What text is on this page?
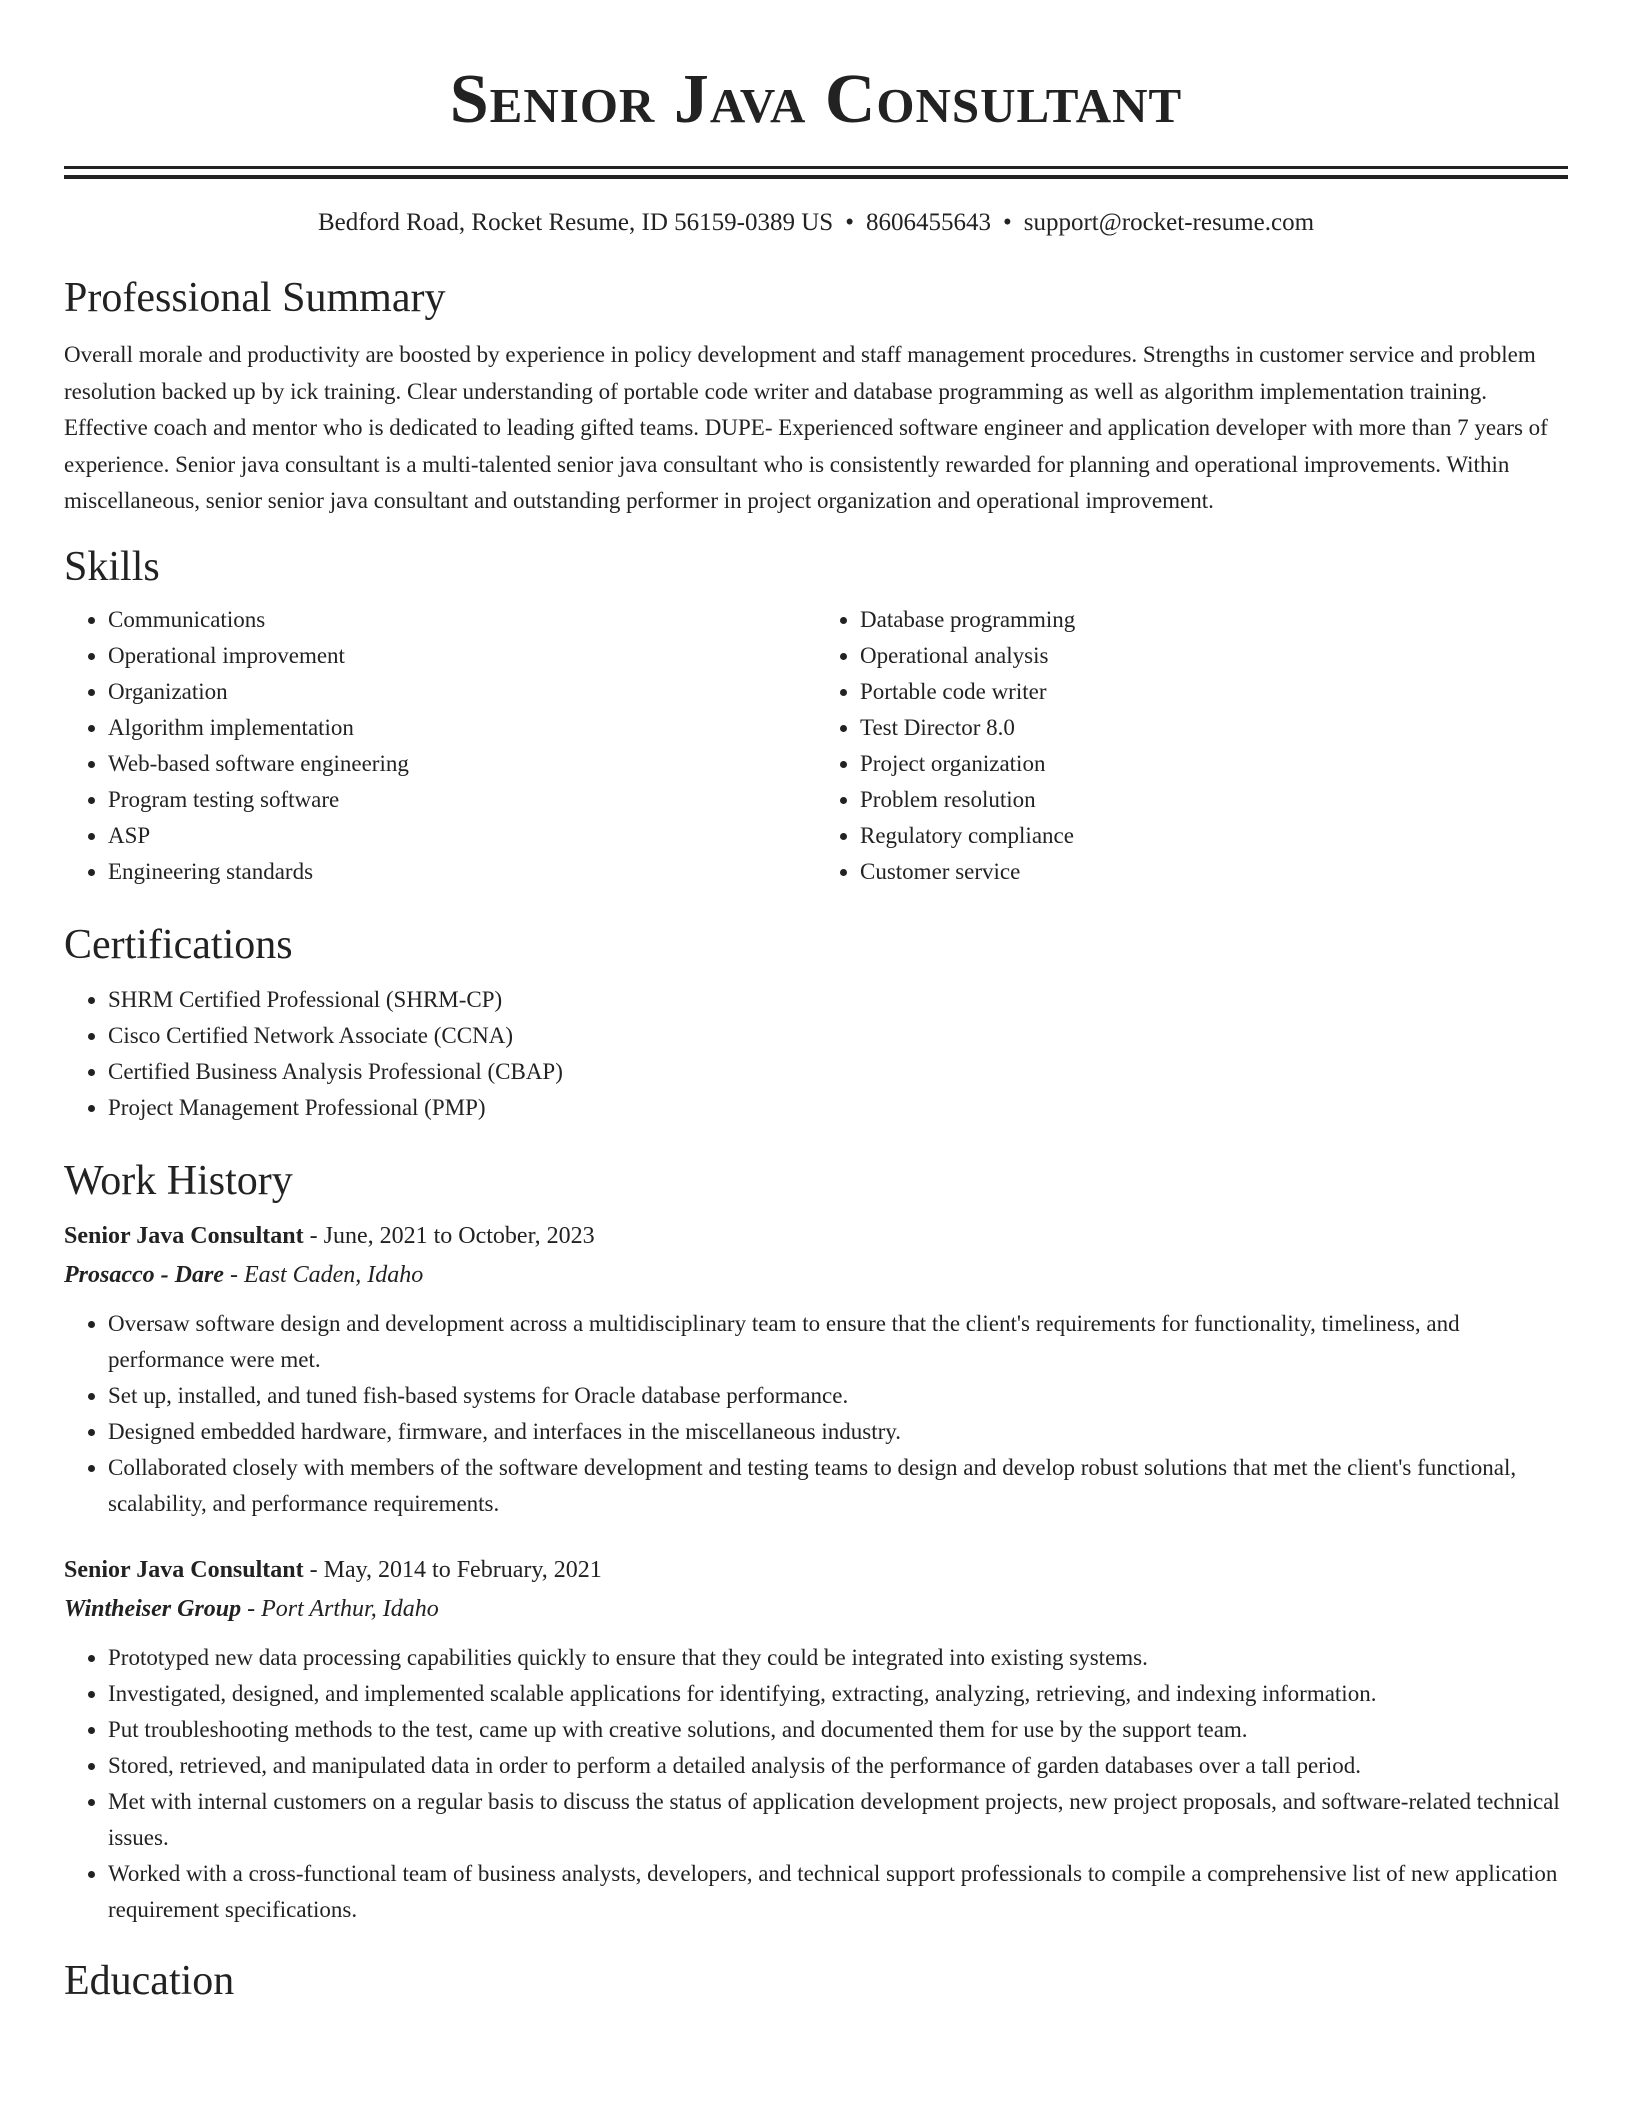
Senior Java Consultant
Bedford Road, Rocket Resume, ID 56159-0389 US • 8606455643 • support@rocket-resume.com
Professional Summary

Overall morale and productivity are boosted by experience in policy development and staff management procedures. Strengths in customer service and problem resolution backed up by ick training. Clear understanding of portable code writer and database programming as well as algorithm implementation training. Effective coach and mentor who is dedicated to leading gifted teams. DUPE- Experienced software engineer and application developer with more than 7 years of experience. Senior java consultant is a multi-talented senior java consultant who is consistently rewarded for planning and operational improvements. Within miscellaneous, senior senior java consultant and outstanding performer in project organization and operational improvement.

Skills
• Communications
• Operational improvement
• Organization
• Algorithm implementation
• Web-based software engineering
• Program testing software
• ASP
• Engineering standards
• Database programming
• Operational analysis
• Portable code writer
• Test Director 8.0
• Project organization
• Problem resolution
• Regulatory compliance
• Customer service
Certifications
• SHRM Certified Professional (SHRM-CP)
• Cisco Certified Network Associate (CCNA)
• Certified Business Analysis Professional (CBAP)
• Project Management Professional (PMP)
Work History
Senior Java Consultant - June, 2021 to October, 2023
Prosacco - Dare - East Caden, Idaho
• Oversaw software design and development across a multidisciplinary team to ensure that the client's requirements for functionality, timeliness, and performance were met.
• Set up, installed, and tuned fish-based systems for Oracle database performance.
• Designed embedded hardware, firmware, and interfaces in the miscellaneous industry.
• Collaborated closely with members of the software development and testing teams to design and develop robust solutions that met the client's functional, scalability, and performance requirements.
Senior Java Consultant - May, 2014 to February, 2021
Wintheiser Group - Port Arthur, Idaho
• Prototyped new data processing capabilities quickly to ensure that they could be integrated into existing systems.
• Investigated, designed, and implemented scalable applications for identifying, extracting, analyzing, retrieving, and indexing information.
• Put troubleshooting methods to the test, came up with creative solutions, and documented them for use by the support team.
• Stored, retrieved, and manipulated data in order to perform a detailed analysis of the performance of garden databases over a tall period.
• Met with internal customers on a regular basis to discuss the status of application development projects, new project proposals, and software-related technical issues.
• Worked with a cross-functional team of business analysts, developers, and technical support professionals to compile a comprehensive list of new application requirement specifications.
Education
